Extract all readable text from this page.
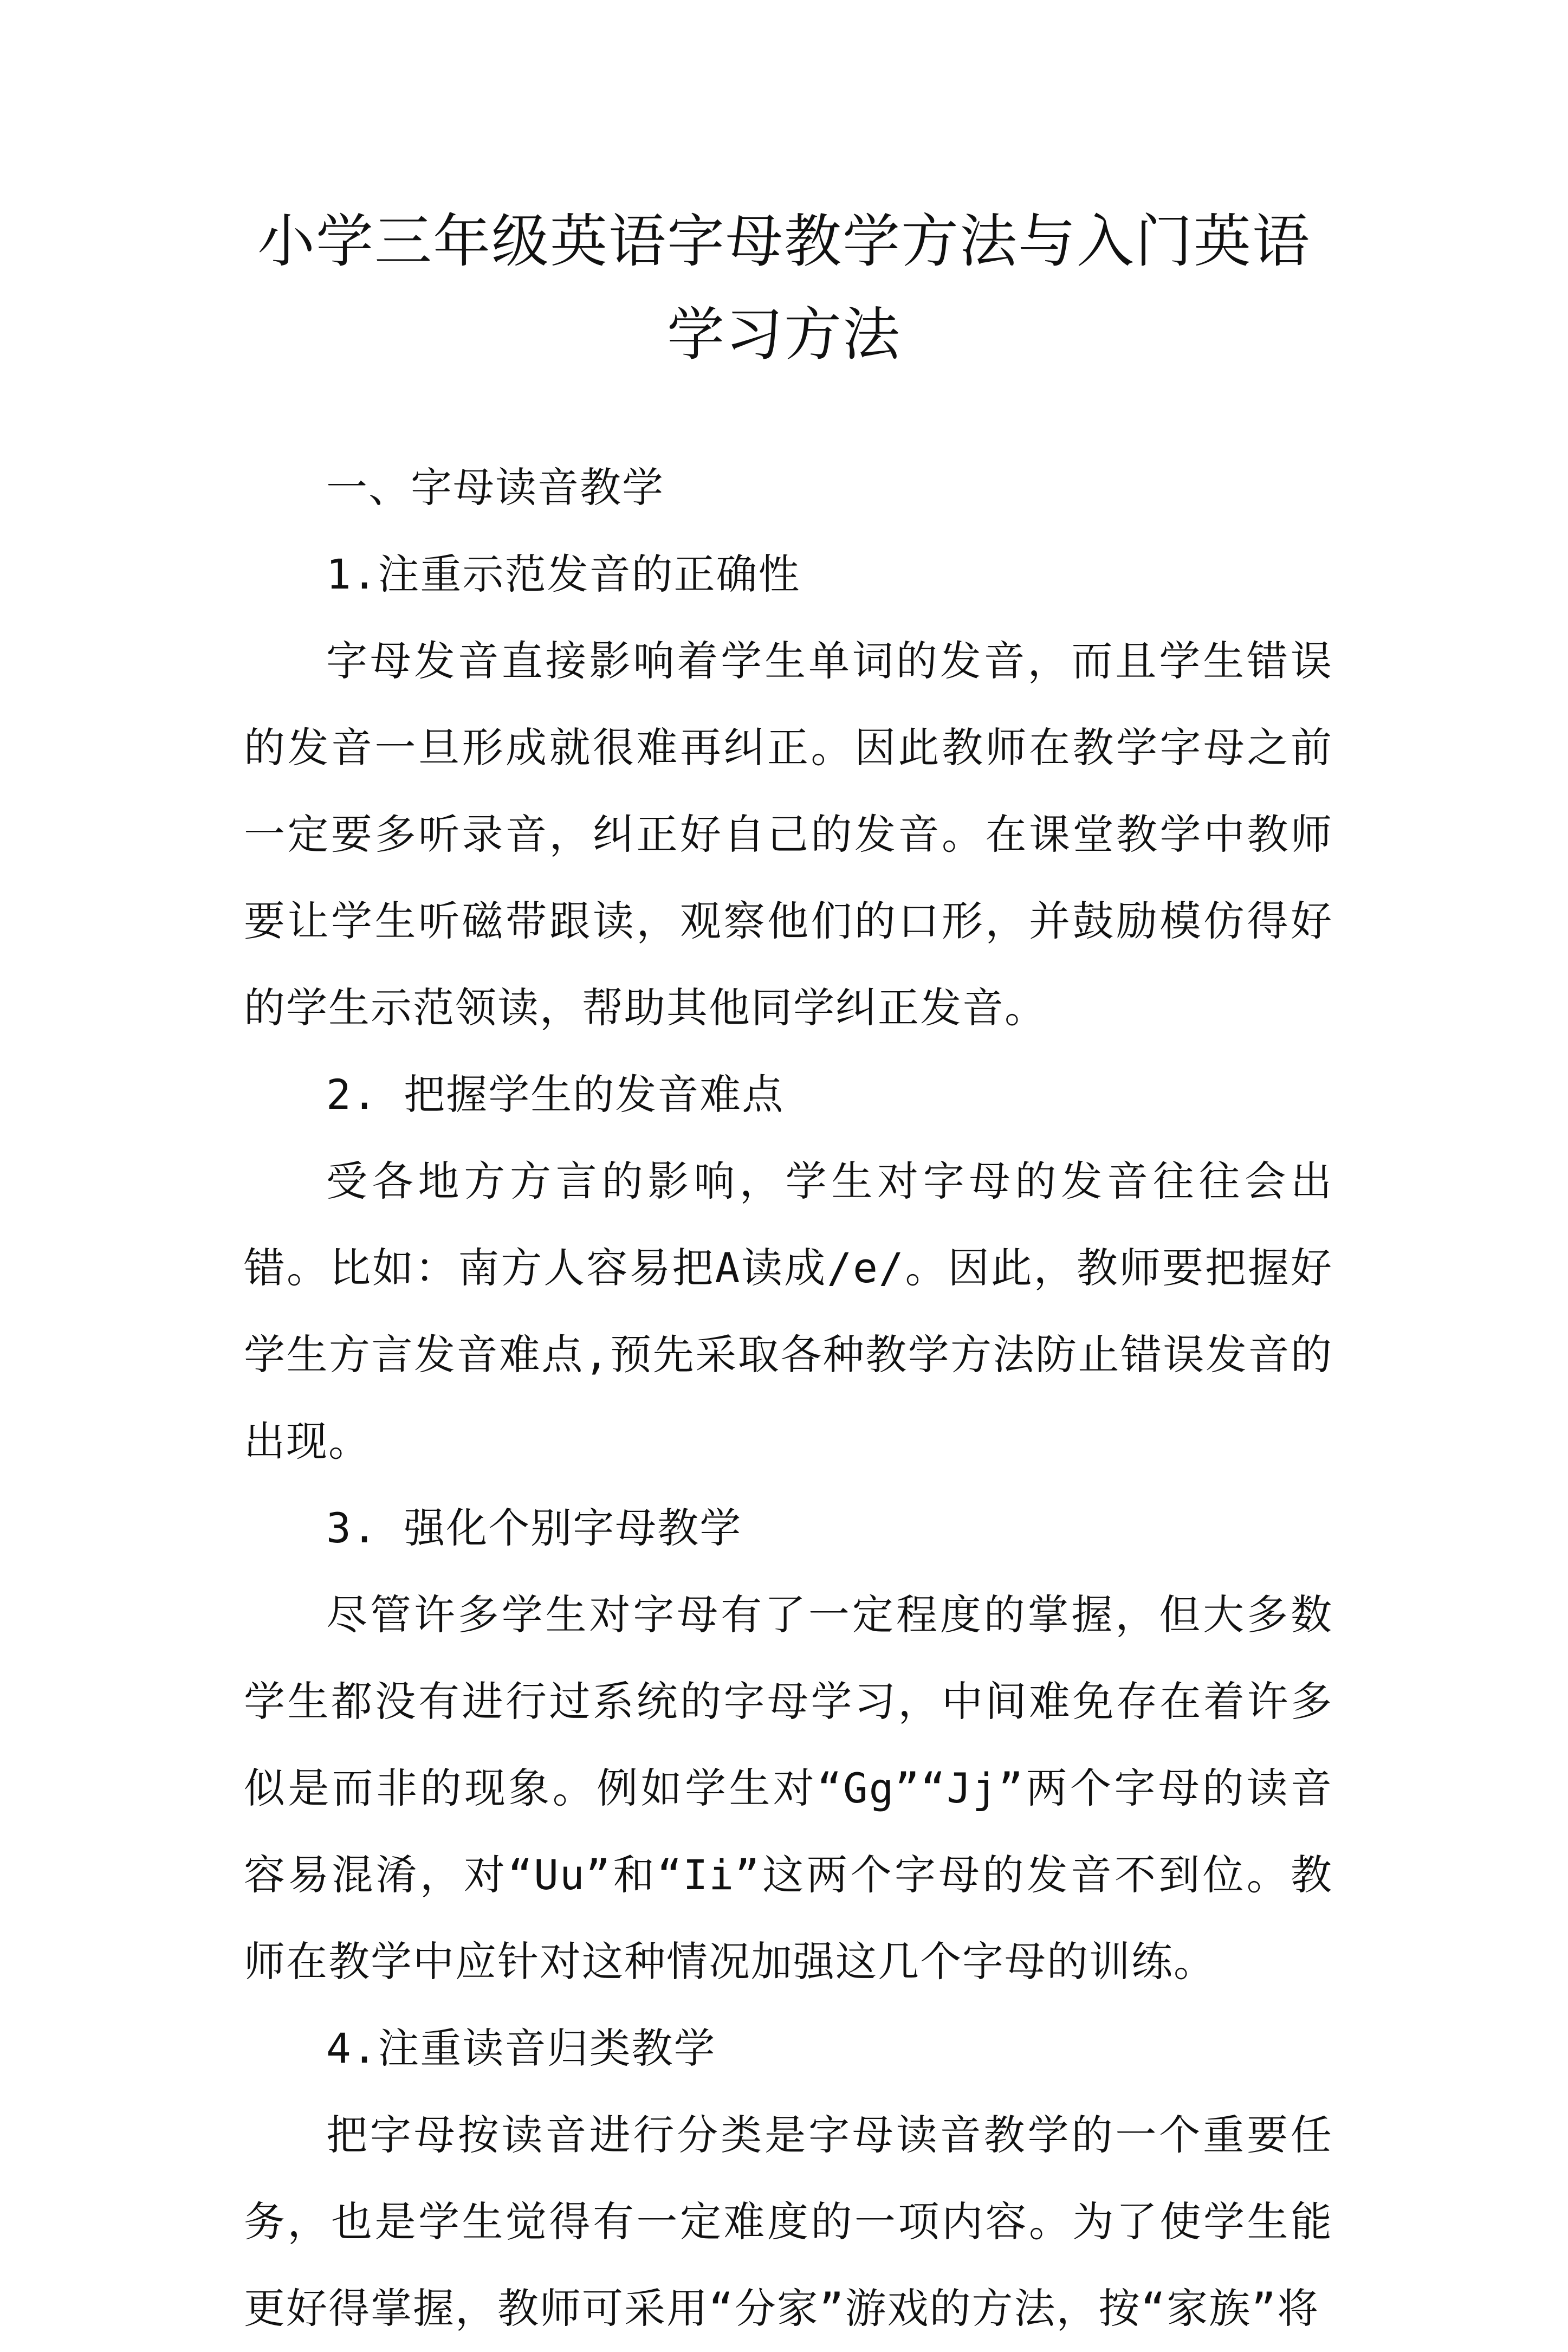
小学三年级英语字母教学方法与入门英语
学习方法

一、字母读音教学

1.注重示范发音的正确性

字母发音直接影响着学生单词的发音，而且学生错误的发音一旦形成就很难再纠正。因此教师在教学字母之前一定要多听录音，纠正好自己的发音。在课堂教学中教师要让学生听磁带跟读，观察他们的口形，并鼓励模仿得好的学生示范领读，帮助其他同学纠正发音。

2. 把握学生的发音难点

受各地方方言的影响，学生对字母的发音往往会出错。比如：南方人容易把A读成/e/。因此，教师要把握好学生方言发音难点,预先采取各种教学方法防止错误发音的出现。

3. 强化个别字母教学

尽管许多学生对字母有了一定程度的掌握，但大多数学生都没有进行过系统的字母学习，中间难免存在着许多似是而非的现象。例如学生对“Gg”“Jj”两个字母的读音容易混淆，对“Uu”和“Ii”这两个字母的发音不到位。教师在教学中应针对这种情况加强这几个字母的训练。

4.注重读音归类教学

把字母按读音进行分类是字母读音教学的一个重要任务，也是学生觉得有一定难度的一项内容。为了使学生能更好得掌握，教师可采用“分家”游戏的方法，按“家族”将
